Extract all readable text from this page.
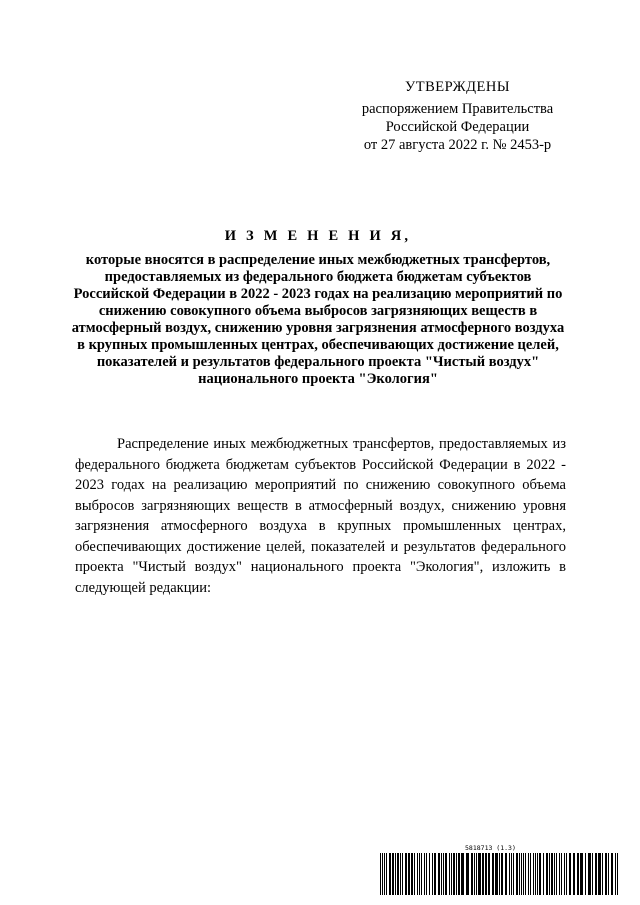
УТВЕРЖДЕНЫ
распоряжением Правительства
Российской Федерации
от 27 августа 2022 г. № 2453-р
И З М Е Н Е Н И Я,
которые вносятся в распределение иных межбюджетных трансфертов, предоставляемых из федерального бюджета бюджетам субъектов Российской Федерации в 2022 - 2023 годах на реализацию мероприятий по снижению совокупного объема выбросов загрязняющих веществ в атмосферный воздух, снижению уровня загрязнения атмосферного воздуха в крупных промышленных центрах, обеспечивающих достижение целей, показателей и результатов федерального проекта "Чистый воздух" национального проекта "Экология"

Распределение иных межбюджетных трансфертов, предоставляемых из федерального бюджета бюджетам субъектов Российской Федерации в 2022 - 2023 годах на реализацию мероприятий по снижению совокупного объема выбросов загрязняющих веществ в атмосферный воздух, снижению уровня загрязнения атмосферного воздуха в крупных промышленных центрах, обеспечивающих достижение целей, показателей и результатов федерального проекта "Чистый воздух" национального проекта "Экология", изложить в следующей редакции:

5818713 (1.3)
